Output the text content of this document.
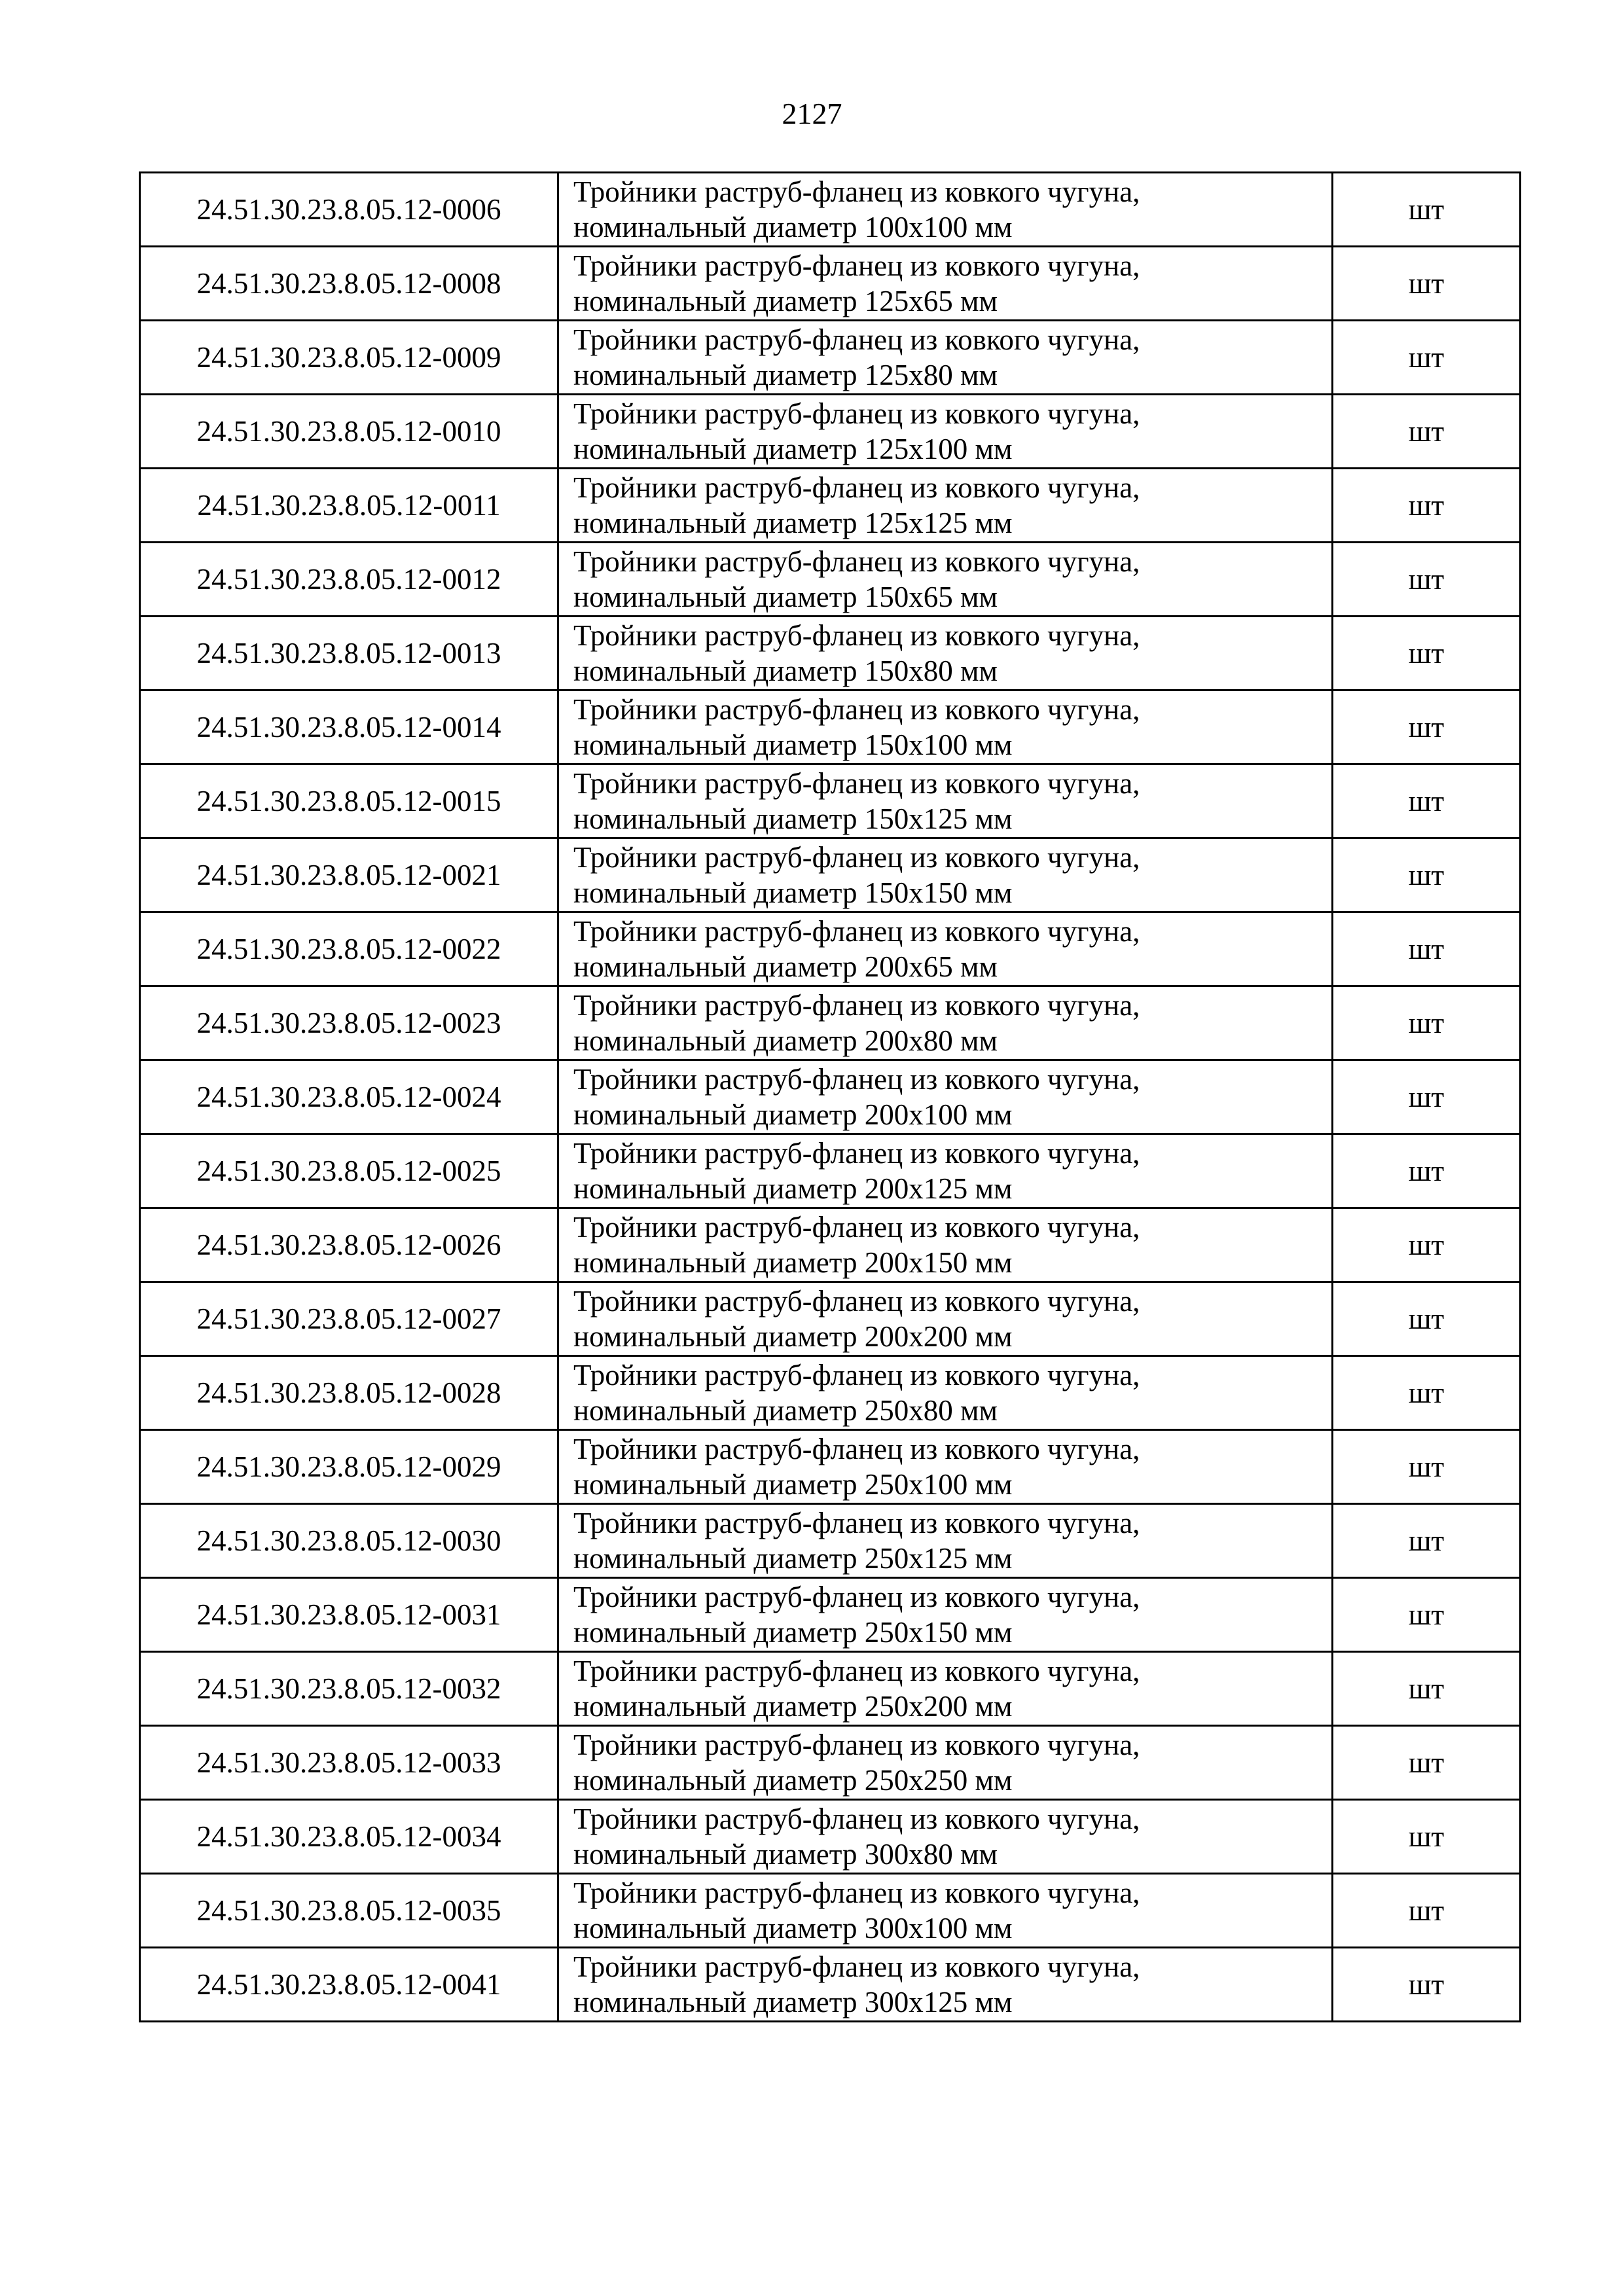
2127
24.51.30.23.8.05.12-0006	Тройники раструб-фланец из ковкого чугуна,
номинальный диаметр 100х100 мм	шт
24.51.30.23.8.05.12-0008	Тройники раструб-фланец из ковкого чугуна,
номинальный диаметр 125х65 мм	шт
24.51.30.23.8.05.12-0009	Тройники раструб-фланец из ковкого чугуна,
номинальный диаметр 125х80 мм	шт
24.51.30.23.8.05.12-0010	Тройники раструб-фланец из ковкого чугуна,
номинальный диаметр 125х100 мм	шт
24.51.30.23.8.05.12-0011	Тройники раструб-фланец из ковкого чугуна,
номинальный диаметр 125х125 мм	шт
24.51.30.23.8.05.12-0012	Тройники раструб-фланец из ковкого чугуна,
номинальный диаметр 150х65 мм	шт
24.51.30.23.8.05.12-0013	Тройники раструб-фланец из ковкого чугуна,
номинальный диаметр 150х80 мм	шт
24.51.30.23.8.05.12-0014	Тройники раструб-фланец из ковкого чугуна,
номинальный диаметр 150х100 мм	шт
24.51.30.23.8.05.12-0015	Тройники раструб-фланец из ковкого чугуна,
номинальный диаметр 150х125 мм	шт
24.51.30.23.8.05.12-0021	Тройники раструб-фланец из ковкого чугуна,
номинальный диаметр 150х150 мм	шт
24.51.30.23.8.05.12-0022	Тройники раструб-фланец из ковкого чугуна,
номинальный диаметр 200х65 мм	шт
24.51.30.23.8.05.12-0023	Тройники раструб-фланец из ковкого чугуна,
номинальный диаметр 200х80 мм	шт
24.51.30.23.8.05.12-0024	Тройники раструб-фланец из ковкого чугуна,
номинальный диаметр 200х100 мм	шт
24.51.30.23.8.05.12-0025	Тройники раструб-фланец из ковкого чугуна,
номинальный диаметр 200х125 мм	шт
24.51.30.23.8.05.12-0026	Тройники раструб-фланец из ковкого чугуна,
номинальный диаметр 200х150 мм	шт
24.51.30.23.8.05.12-0027	Тройники раструб-фланец из ковкого чугуна,
номинальный диаметр 200х200 мм	шт
24.51.30.23.8.05.12-0028	Тройники раструб-фланец из ковкого чугуна,
номинальный диаметр 250х80 мм	шт
24.51.30.23.8.05.12-0029	Тройники раструб-фланец из ковкого чугуна,
номинальный диаметр 250х100 мм	шт
24.51.30.23.8.05.12-0030	Тройники раструб-фланец из ковкого чугуна,
номинальный диаметр 250х125 мм	шт
24.51.30.23.8.05.12-0031	Тройники раструб-фланец из ковкого чугуна,
номинальный диаметр 250х150 мм	шт
24.51.30.23.8.05.12-0032	Тройники раструб-фланец из ковкого чугуна,
номинальный диаметр 250х200 мм	шт
24.51.30.23.8.05.12-0033	Тройники раструб-фланец из ковкого чугуна,
номинальный диаметр 250х250 мм	шт
24.51.30.23.8.05.12-0034	Тройники раструб-фланец из ковкого чугуна,
номинальный диаметр 300х80 мм	шт
24.51.30.23.8.05.12-0035	Тройники раструб-фланец из ковкого чугуна,
номинальный диаметр 300х100 мм	шт
24.51.30.23.8.05.12-0041	Тройники раструб-фланец из ковкого чугуна,
номинальный диаметр 300х125 мм	шт
